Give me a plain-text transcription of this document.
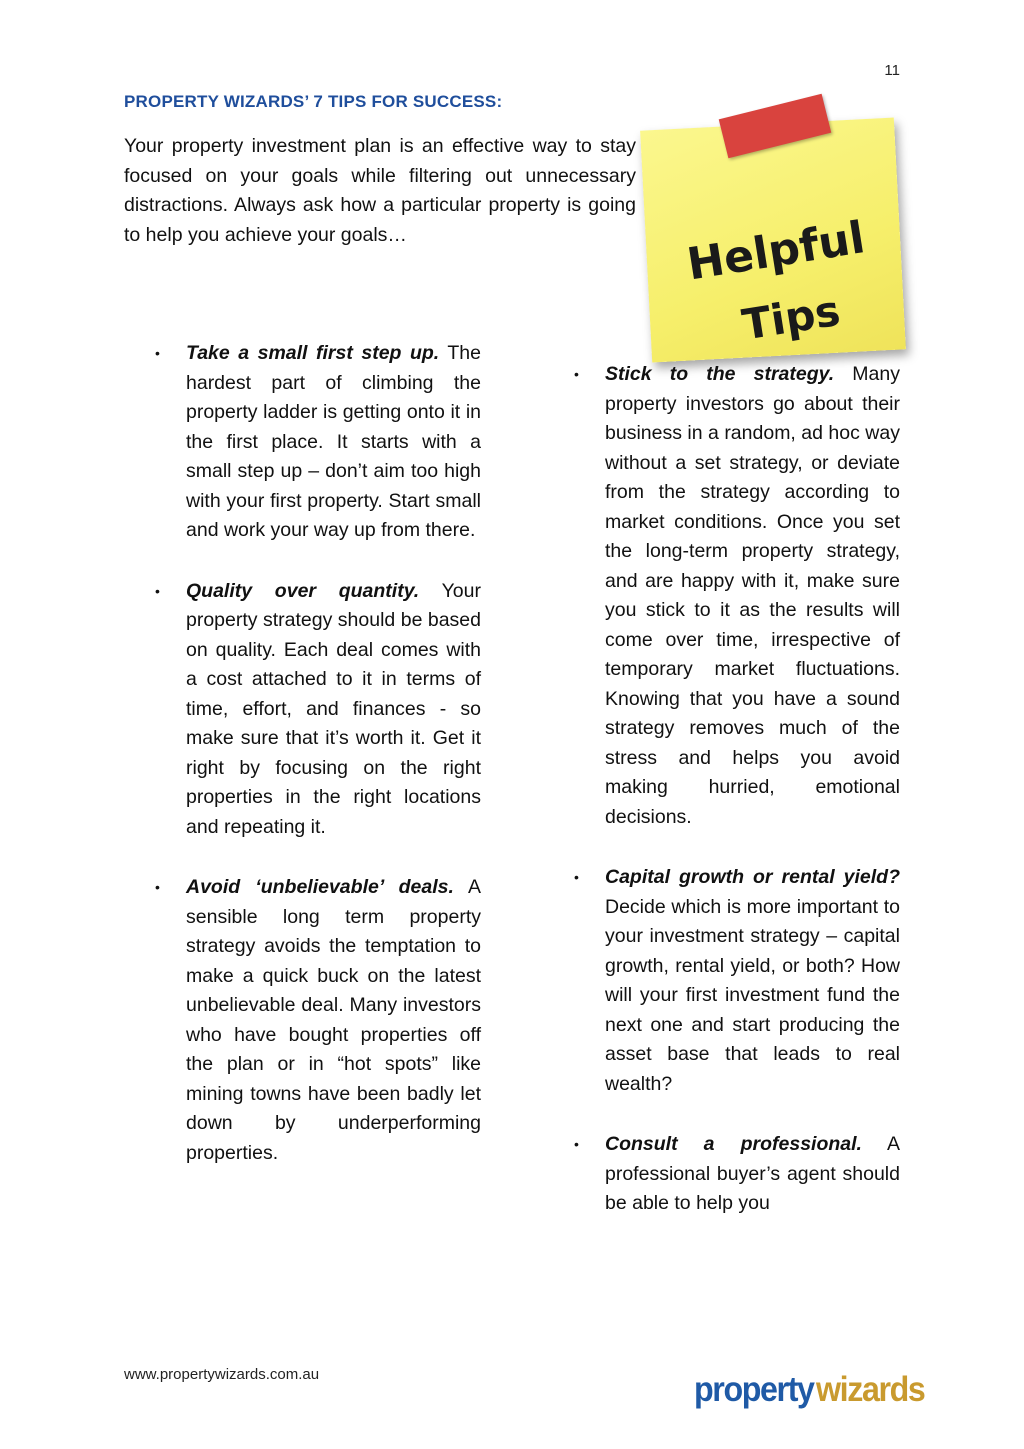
11
PROPERTY WIZARDS’ 7 TIPS FOR SUCCESS:

Your property investment plan is an effective way to stay focused on your goals while filtering out unnecessary distractions. Always ask how a particular property is going to help you achieve your goals…	Helpful
Tips
• Take a small first step up. The hardest part of climbing the property ladder is getting onto it in the first place. It starts with a small step up – don’t aim too high with your first property. Start small and work your way up from there.
• Quality over quantity. Your property strategy should be based on quality. Each deal comes with a cost attached to it in terms of time, effort, and finances - so make sure that it’s worth it. Get it right by focusing on the right properties in the right locations and repeating it.
• Avoid ‘unbelievable’ deals. A sensible long term property strategy avoids the temptation to make a quick buck on the latest unbelievable deal. Many investors who have bought properties off the plan or in “hot spots” like mining towns have been badly let down by underperforming properties.
• Stick to the strategy. Many property investors go about their business in a random, ad hoc way without a set strategy, or deviate from the strategy according to market conditions. Once you set the long-term property strategy, and are happy with it, make sure you stick to it as the results will come over time, irrespective of temporary market fluctuations. Knowing that you have a sound strategy removes much of the stress and helps you avoid making hurried, emotional decisions.
• Capital growth or rental yield? Decide which is more important to your investment strategy – capital growth, rental yield, or both? How will your first investment fund the next one and start producing the asset base that leads to real wealth?
• Consult a professional. A professional buyer’s agent should be able to help you
www.propertywizards.com.au	property wizards
